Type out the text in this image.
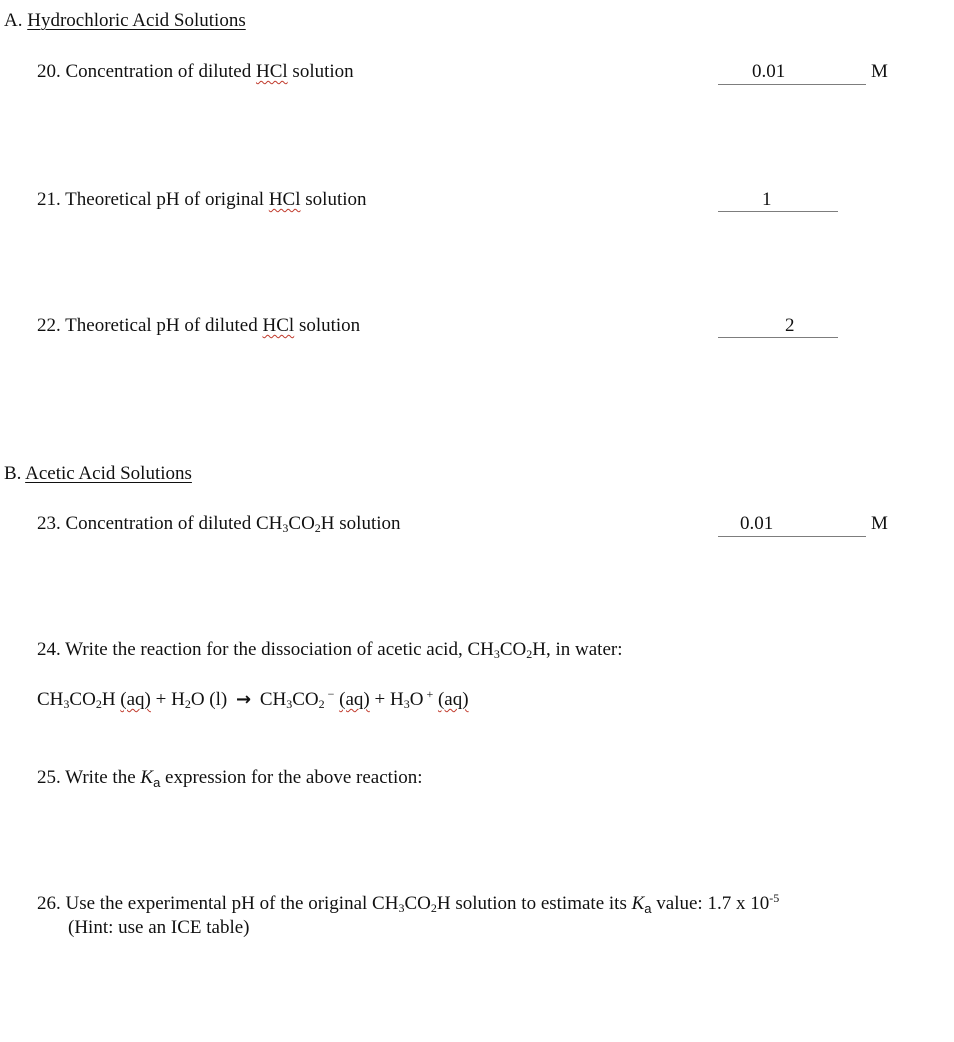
A. Hydrochloric Acid Solutions
20. Concentration of diluted HCl solution	0.01	M
21. Theoretical pH of original HCl solution	1
22. Theoretical pH of diluted HCl solution	2
B. Acetic Acid Solutions
23. Concentration of diluted $CH_3CO_2H$ solution	0.01	M
24. Write the reaction for the dissociation of acetic acid, $CH_3CO_2H$, in water:
$CH_3CO_2H$ $(aq) + H_2O$ $(l) \to CH_3CO_2^-$ $(aq) + H_3O$ + (aq)
25. Write the $K_a$ expression for the above reaction:
26. Use the experimental pH of the original $CH_3CO_2H$ solution to estimate its $K_a$ value: 1.7 x $10^{-5}$
(Hint: use an ICE table)
